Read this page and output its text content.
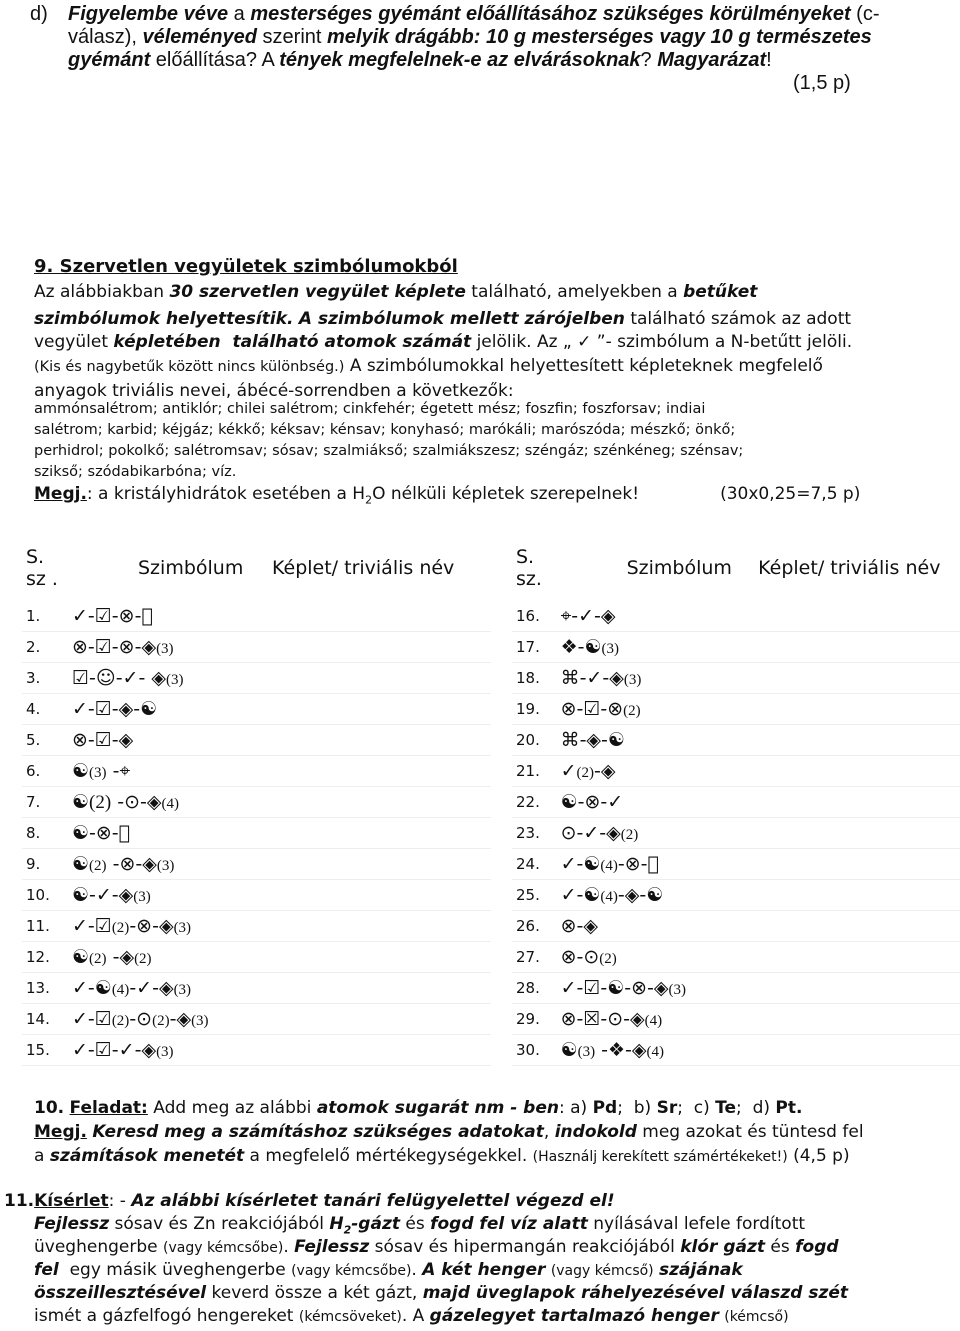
d) Figyelembe véve a mesterséges gyémánt előállításához szükséges körülményeket (c-válasz), véleményed szerint melyik drágább: 10 g mesterséges vagy 10 g természetes gyémánt előállítása? A tények megfelelnek-e az elvárásoknak? Magyarázat!
(1,5 p)
9. Szervetlen vegyületek szimbólumokból
Az alábbiakban 30 szervetlen vegyület képlete található, amelyekben a betűket
szimbólumok helyettesítik. A szimbólumok mellett zárójelben található számok az adott
vegyület képletében  található atomok számát jelölik. Az „ ✓ ”- szimbólum a N-betűtt jelöli.
(Kis és nagybetűk között nincs különbség.) A szimbólumokkal helyettesített képleteknek megfelelő
anyagok triviális nevei, ábécé-sorrendben a következők:
ammónsalétrom; antiklór; chilei salétrom; cinkfehér; égetett mész; foszfin; foszforsav; indiai
salétrom; karbid; kéjgáz; kékkő; kéksav; kénsav; konyhasó; marókáli; marószóda; mészkő; önkő;
perhidrol; pokolkő; salétromsav; sósav; szalmiákső; szalmiákszesz; széngáz; szénkéneg; szénsav;
szikső; szódabikarbóna; víz.
Megj.: a kristályhidrátok esetében a $H_2O$ nélküli képletek szerepelnek!               (30x0,25=7,5 p)
S. sz .	Szimbólum	Képlet/ triviális név
1.	✓-☑-⊗-⃠	
2.	⊗-☑-⊗-◈(3)	
3.	☑-☺-✓- ◈(3)	
4.	✓-☑-◈-☯	
5.	⊗-☑-◈	
6.	☯(3) -⌖	
7.	☯(2) -⊙-◈(4)	
8.	☯-⊗-⃠	
9.	☯(2) -⊗-◈(3)	
10.	☯-✓-◈(3)	
11.	✓-☑(2)-⊗-◈(3)	
12.	☯(2) -◈(2)	
13.	✓-☯(4)-✓-◈(3)	
14.	✓-☑(2)-⊙(2)-◈(3)	
15.	✓-☑-✓-◈(3)	
S. sz.	Szimbólum	Képlet/ triviális név
16.	⌖-✓-◈	
17.	❖-☯(3)	
18.	⌘-✓-◈(3)	
19.	⊗-☑-⊗(2)	
20.	⌘-◈-☯	
21.	✓(2)-◈	
22.	☯-⊗-✓	
23.	⊙-✓-◈(2)	
24.	✓-☯(4)-⊗-⃠	
25.	✓-☯(4)-◈-☯	
26.	⊗-◈	
27.	⊗-⊙(2)	
28.	✓-☑-☯-⊗-◈(3)	
29.	⊗-☒-⊙-◈(4)	
30.	☯(3) -❖-◈(4)	
10. Feladat: Add meg az alábbi atomok sugarát nm - ben: a) Pd;  b) Sr;  c) Te;  d) Pt.
Megj. Keresd meg a számításhoz szükséges adatokat, indokold meg azokat és tüntesd fel
a számítások menetét a megfelelő mértékegységekkel. (Használj kerekített számértékeket!) (4,5 p)
11.Kísérlet: - Az alábbi kísérletet tanári felügyelettel végezd el!
Fejlessz sósav és Zn reakciójából $H_2$-gázt és fogd fel víz alatt nyílásával lefele fordított
üveghengerbe (vagy kémcsőbe). Fejlessz sósav és hipermangán reakciójából klór gázt és fogd
fel  egy másik üveghengerbe (vagy kémcsőbe). A két henger (vagy kémcső) szájának
összeillesztésével keverd össze a két gázt, majd üveglapok ráhelyezésével válaszd szét
ismét a gázfelfogó hengereket (kémcsöveket). A gázelegyet tartalmazó henger (kémcső)
